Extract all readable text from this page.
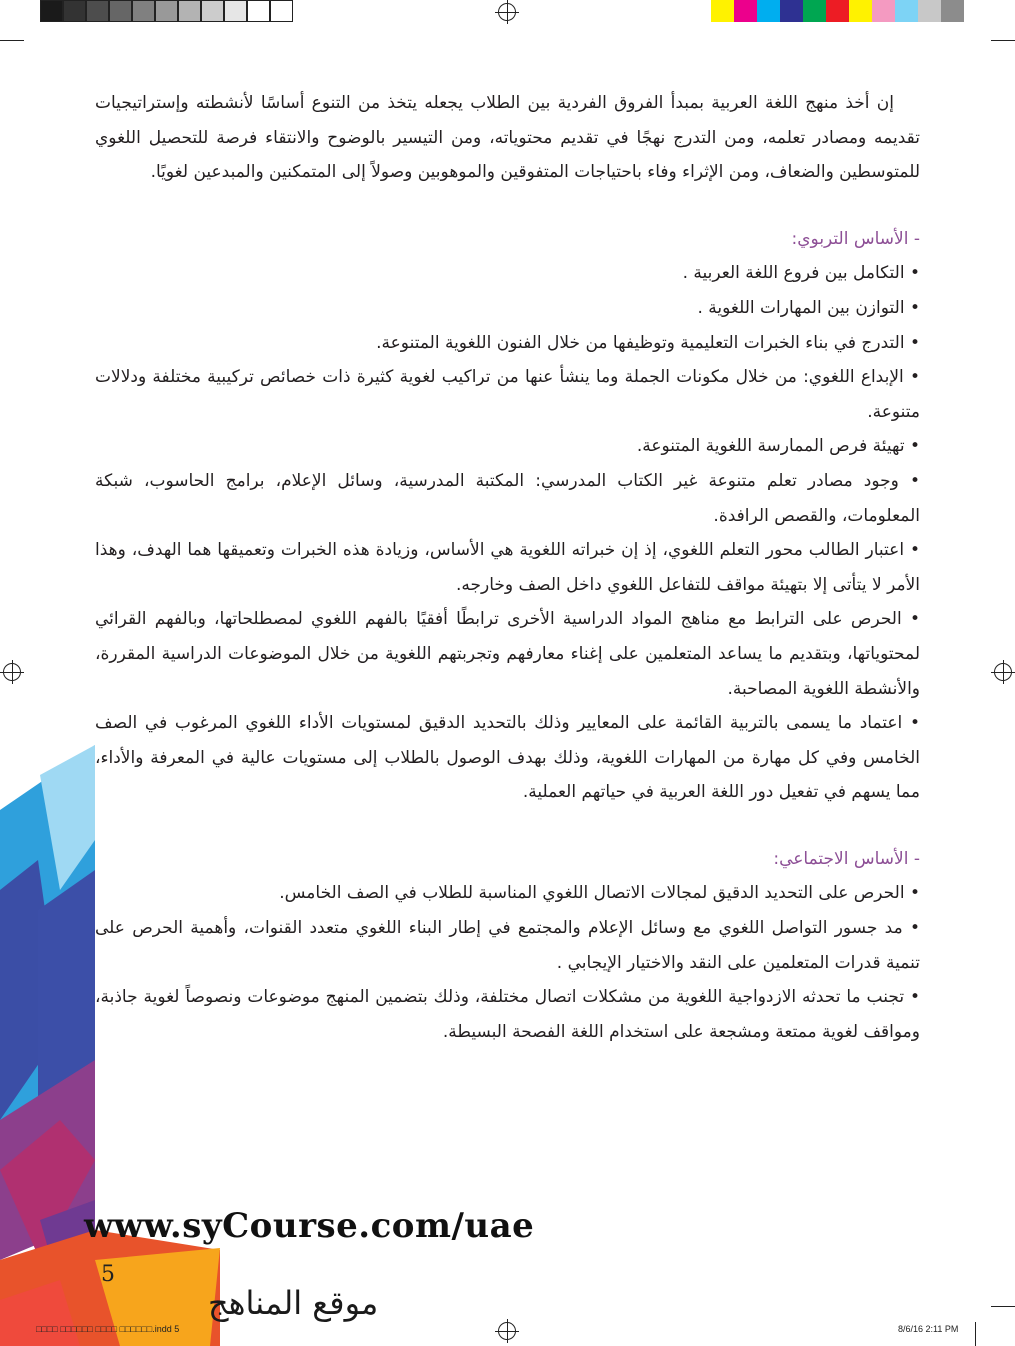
إن أخذ منهج اللغة العربية بمبدأ الفروق الفردية بين الطلاب يجعله يتخذ من التنوع أساسًا لأنشطته وإستراتيجيات تقديمه ومصادر تعلمه، ومن التدرج نهجًا في تقديم محتوياته، ومن التيسير بالوضوح والانتقاء فرصة للتحصيل اللغوي للمتوسطين والضعاف، ومن الإثراء وفاء باحتياجات المتفوقين والموهوبين وصولاً إلى المتمكنين والمبدعين لغويًا.

- الأساس التربوي:

• التكامل بين فروع اللغة العربية .

• التوازن بين المهارات اللغوية .

• التدرج في بناء الخبرات التعليمية وتوظيفها من خلال الفنون اللغوية المتنوعة.

• الإبداع اللغوي: من خلال مكونات الجملة وما ينشأ عنها من تراكيب لغوية كثيرة ذات خصائص تركيبية مختلفة ودلالات متنوعة.

• تهيئة فرص الممارسة اللغوية المتنوعة.

• وجود مصادر تعلم متنوعة غير الكتاب المدرسي: المكتبة المدرسية، وسائل الإعلام، برامج الحاسوب، شبكة المعلومات، والقصص الرافدة.

• اعتبار الطالب محور التعلم اللغوي، إذ إن خبراته اللغوية هي الأساس، وزيادة هذه الخبرات وتعميقها هما الهدف، وهذا الأمر لا يتأتى إلا بتهيئة مواقف للتفاعل اللغوي داخل الصف وخارجه.

• الحرص على الترابط مع مناهج المواد الدراسية الأخرى ترابطًا أفقيًا بالفهم اللغوي لمصطلحاتها، وبالفهم القرائي لمحتوياتها، وبتقديم ما يساعد المتعلمين على إغناء معارفهم وتجربتهم اللغوية من خلال الموضوعات الدراسية المقررة، والأنشطة اللغوية المصاحبة.

• اعتماد ما يسمى بالتربية القائمة على المعايير وذلك بالتحديد الدقيق لمستويات الأداء اللغوي المرغوب في الصف الخامس وفي كل مهارة من المهارات اللغوية، وذلك بهدف الوصول بالطلاب إلى مستويات عالية في المعرفة والأداء، مما يسهم في تفعيل دور اللغة العربية في حياتهم العملية.

- الأساس الاجتماعي:

• الحرص على التحديد الدقيق لمجالات الاتصال اللغوي المناسبة للطلاب في الصف الخامس.

• مد جسور التواصل اللغوي مع وسائل الإعلام والمجتمع في إطار البناء اللغوي متعدد القنوات، وأهمية الحرص على تنمية قدرات المتعلمين على النقد والاختيار الإيجابي .

• تجنب ما تحدثه الازدواجية اللغوية من مشكلات اتصال مختلفة، وذلك بتضمين المنهج موضوعات ونصوصاً لغوية جاذبة، ومواقف لغوية ممتعة ومشجعة على استخدام اللغة الفصحة البسيطة.

www.syCourse.com/uae
5
موقع المناهج
□□□□ □□□□□□ □□□□ □□□□□□.indd 5	8/6/16 2:11 PM
